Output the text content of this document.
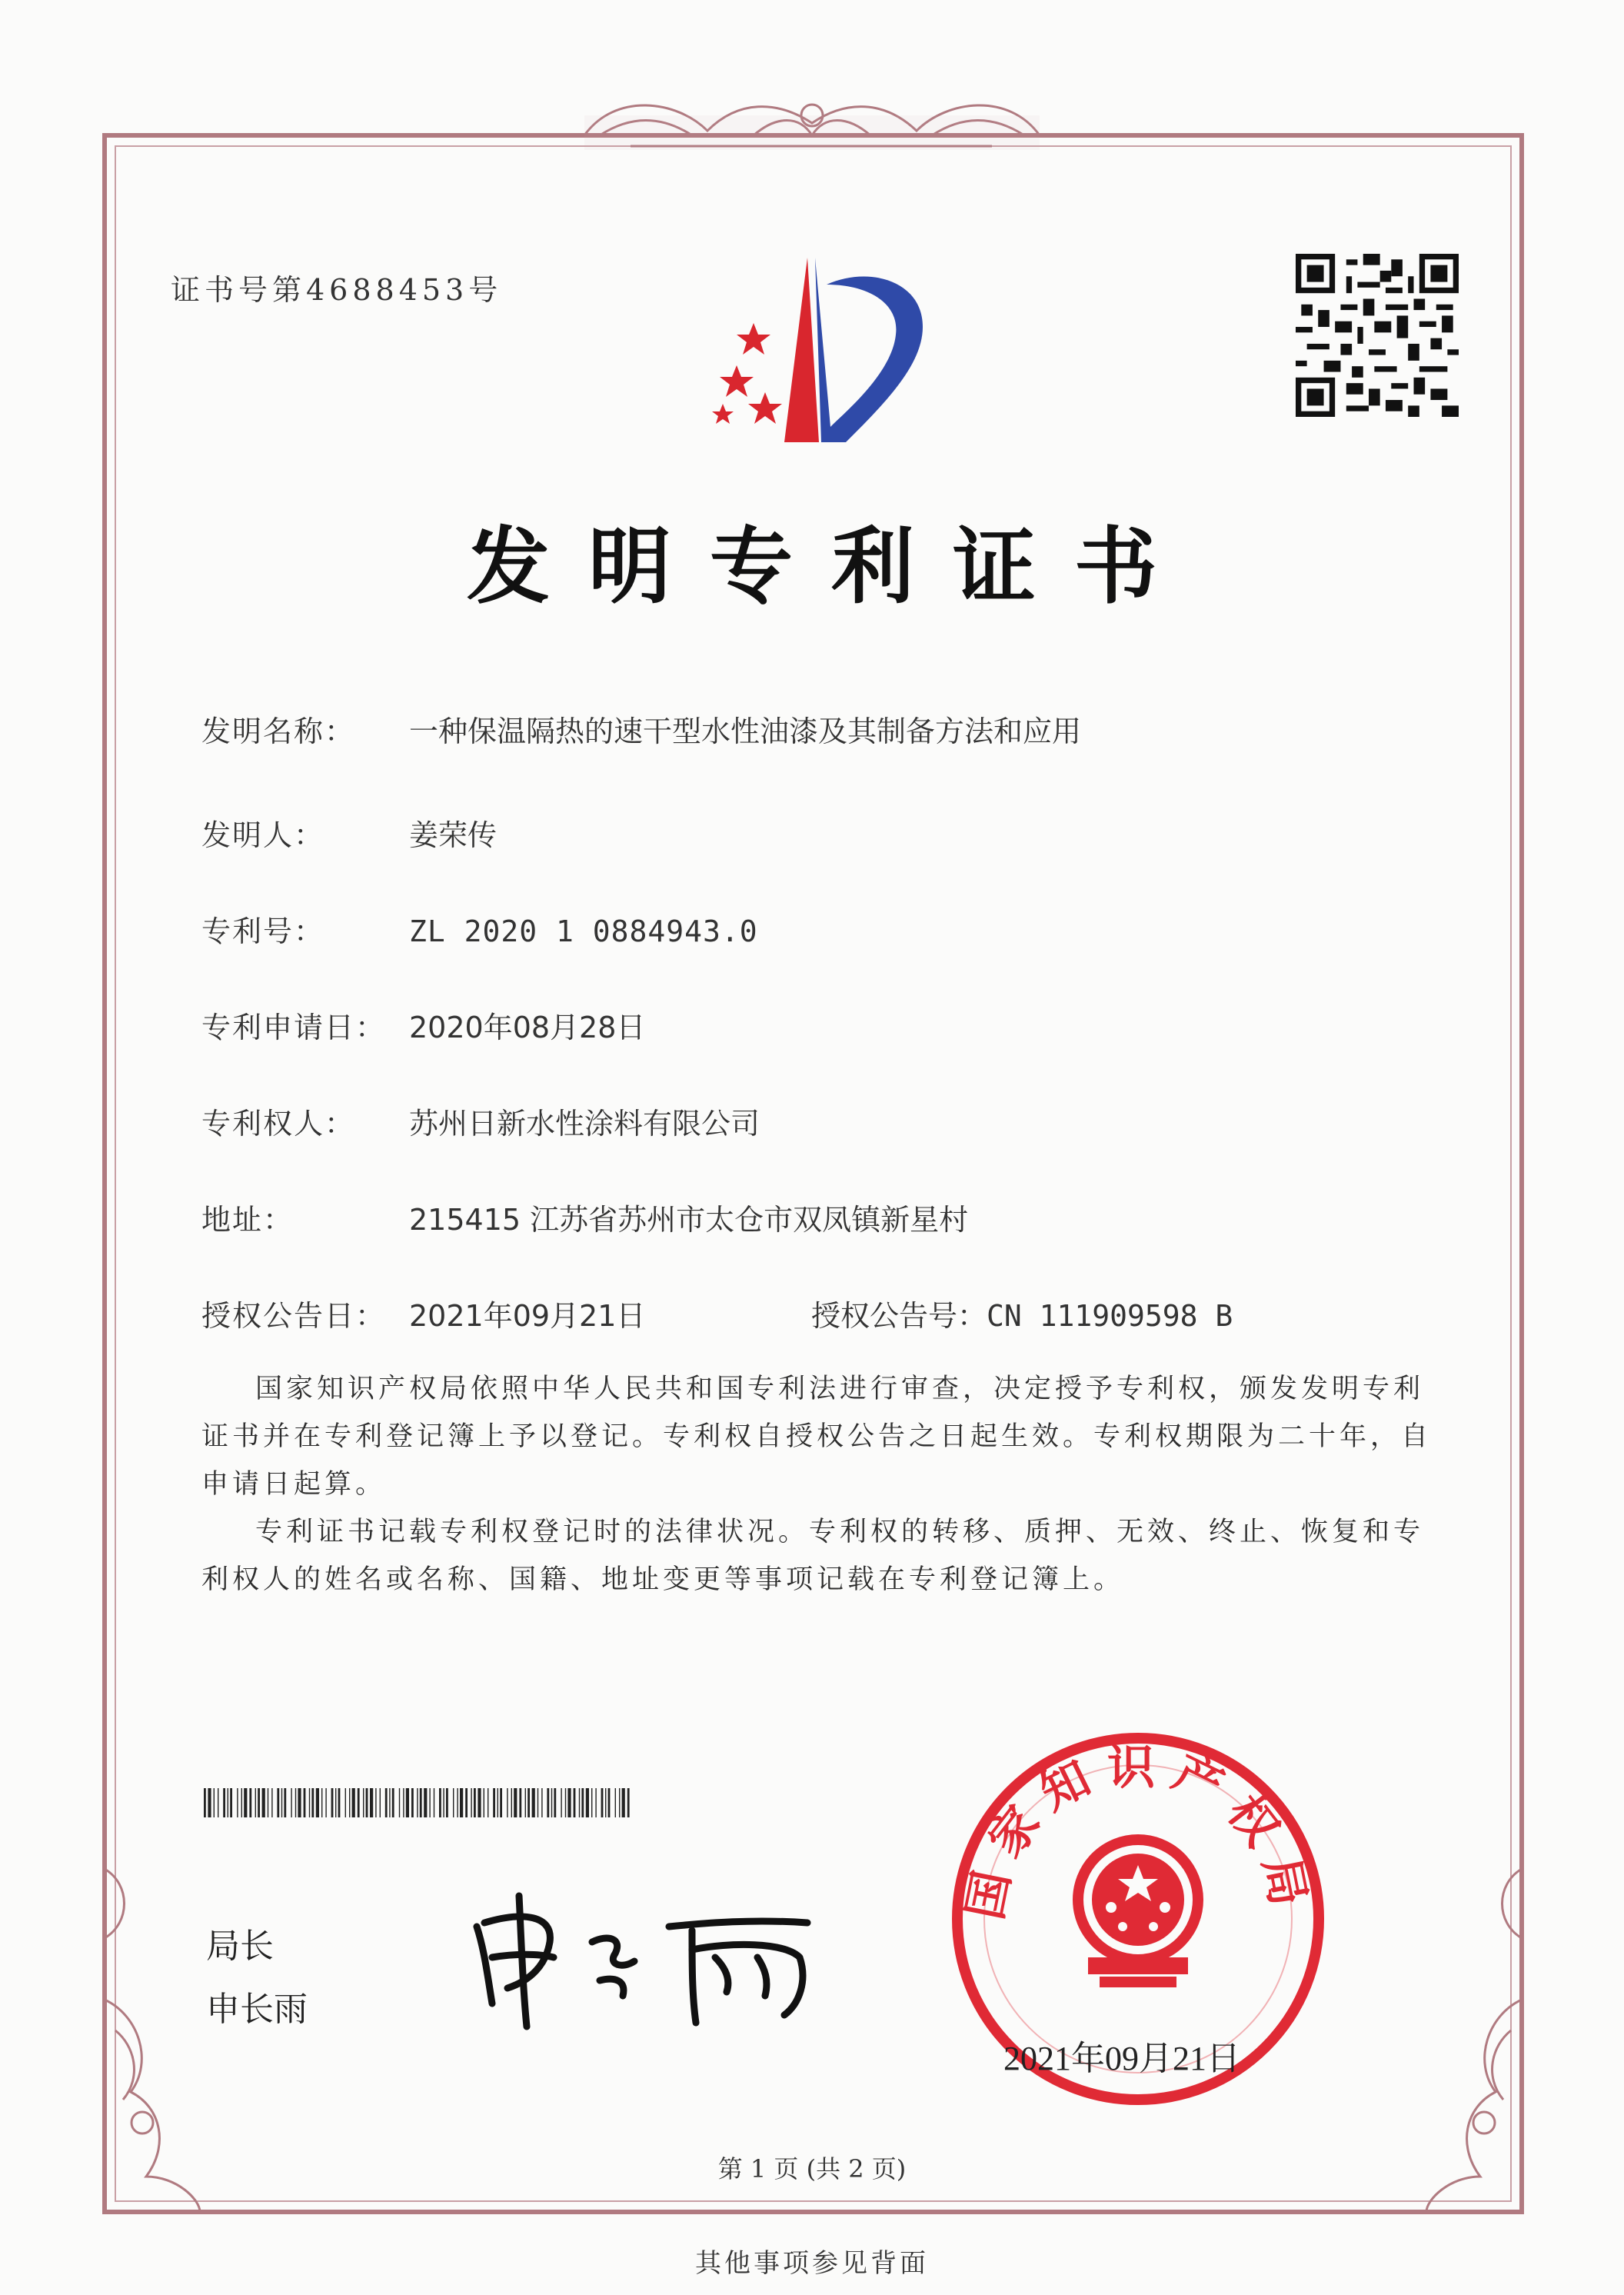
证书号第4688453号
发明专利证书
发明名称： 一种保温隔热的速干型水性油漆及其制备方法和应用
发明人：	姜荣传
专利号：	ZL 2020 1 0884943.0
专利申请日： 2020年08月28日
专利权人： 苏州日新水性涂料有限公司
地址：	215415 江苏省苏州市太仓市双凤镇新星村
授权公告日： 2021年09月21日	授权公告号：CN 111909598 B

国家知识产权局依照中华人民共和国专利法进行审查，决定授予专利权，颁发发明专利证书并在专利登记簿上予以登记。专利权自授权公告之日起生效。专利权期限为二十年，自申请日起算。

专利证书记载专利权登记时的法律状况。专利权的转移、质押、无效、终止、恢复和专利权人的姓名或名称、国籍、地址变更等事项记载在专利登记簿上。

局长
申长雨
国家知识产权局
2021年09月21日
第 1 页 (共 2 页)
其他事项参见背面
